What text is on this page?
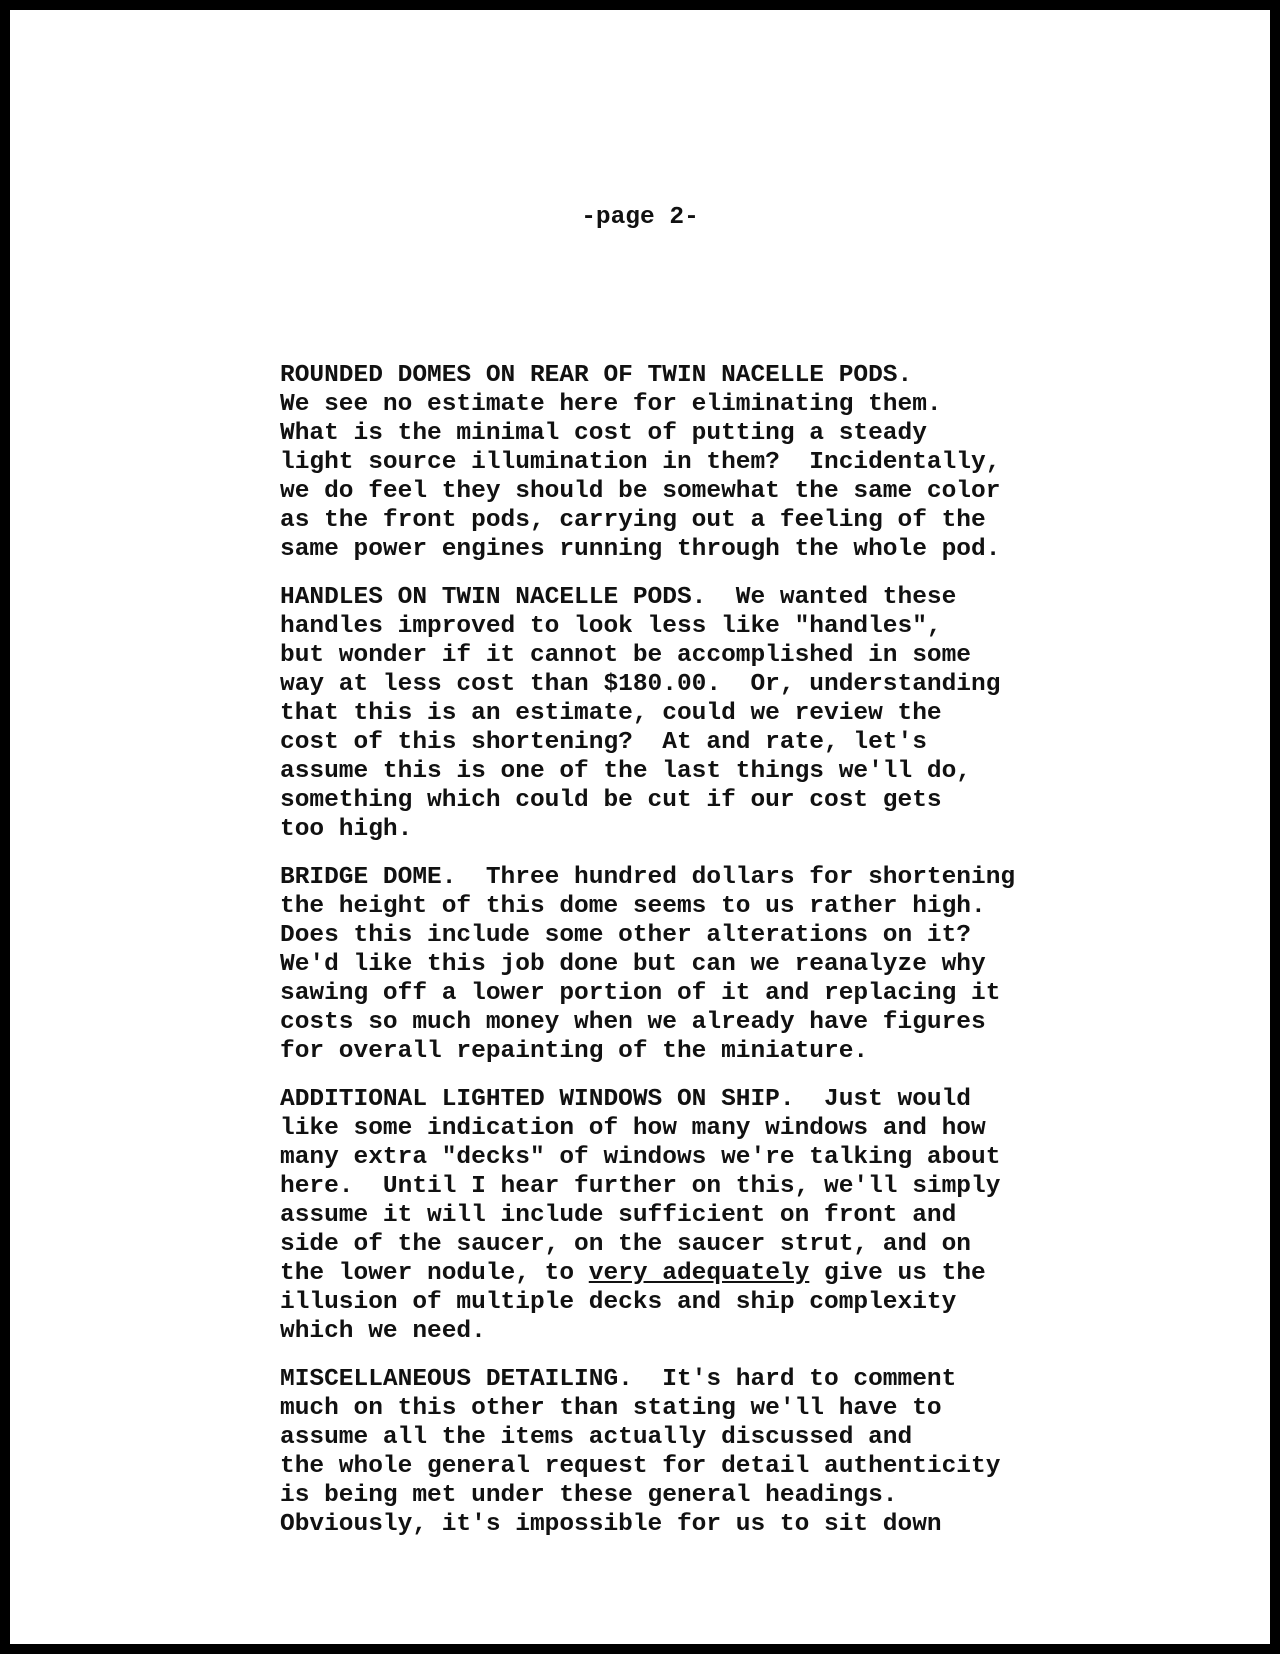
-page 2-

ROUNDED DOMES ON REAR OF TWIN NACELLE PODS.
We see no estimate here for eliminating them.
What is the minimal cost of putting a steady
light source illumination in them?  Incidentally,
we do feel they should be somewhat the same color
as the front pods, carrying out a feeling of the
same power engines running through the whole pod.

HANDLES ON TWIN NACELLE PODS.  We wanted these
handles improved to look less like "handles",
but wonder if it cannot be accomplished in some
way at less cost than $180.00.  Or, understanding
that this is an estimate, could we review the
cost of this shortening?  At and rate, let's
assume this is one of the last things we'll do,
something which could be cut if our cost gets
too high.

BRIDGE DOME.  Three hundred dollars for shortening
the height of this dome seems to us rather high.
Does this include some other alterations on it?
We'd like this job done but can we reanalyze why
sawing off a lower portion of it and replacing it
costs so much money when we already have figures
for overall repainting of the miniature.

ADDITIONAL LIGHTED WINDOWS ON SHIP.  Just would
like some indication of how many windows and how
many extra "decks" of windows we're talking about
here.  Until I hear further on this, we'll simply
assume it will include sufficient on front and
side of the saucer, on the saucer strut, and on
the lower nodule, to very adequately give us the
illusion of multiple decks and ship complexity
which we need.

MISCELLANEOUS DETAILING.  It's hard to comment
much on this other than stating we'll have to
assume all the items actually discussed and
the whole general request for detail authenticity
is being met under these general headings.
Obviously, it's impossible for us to sit down
